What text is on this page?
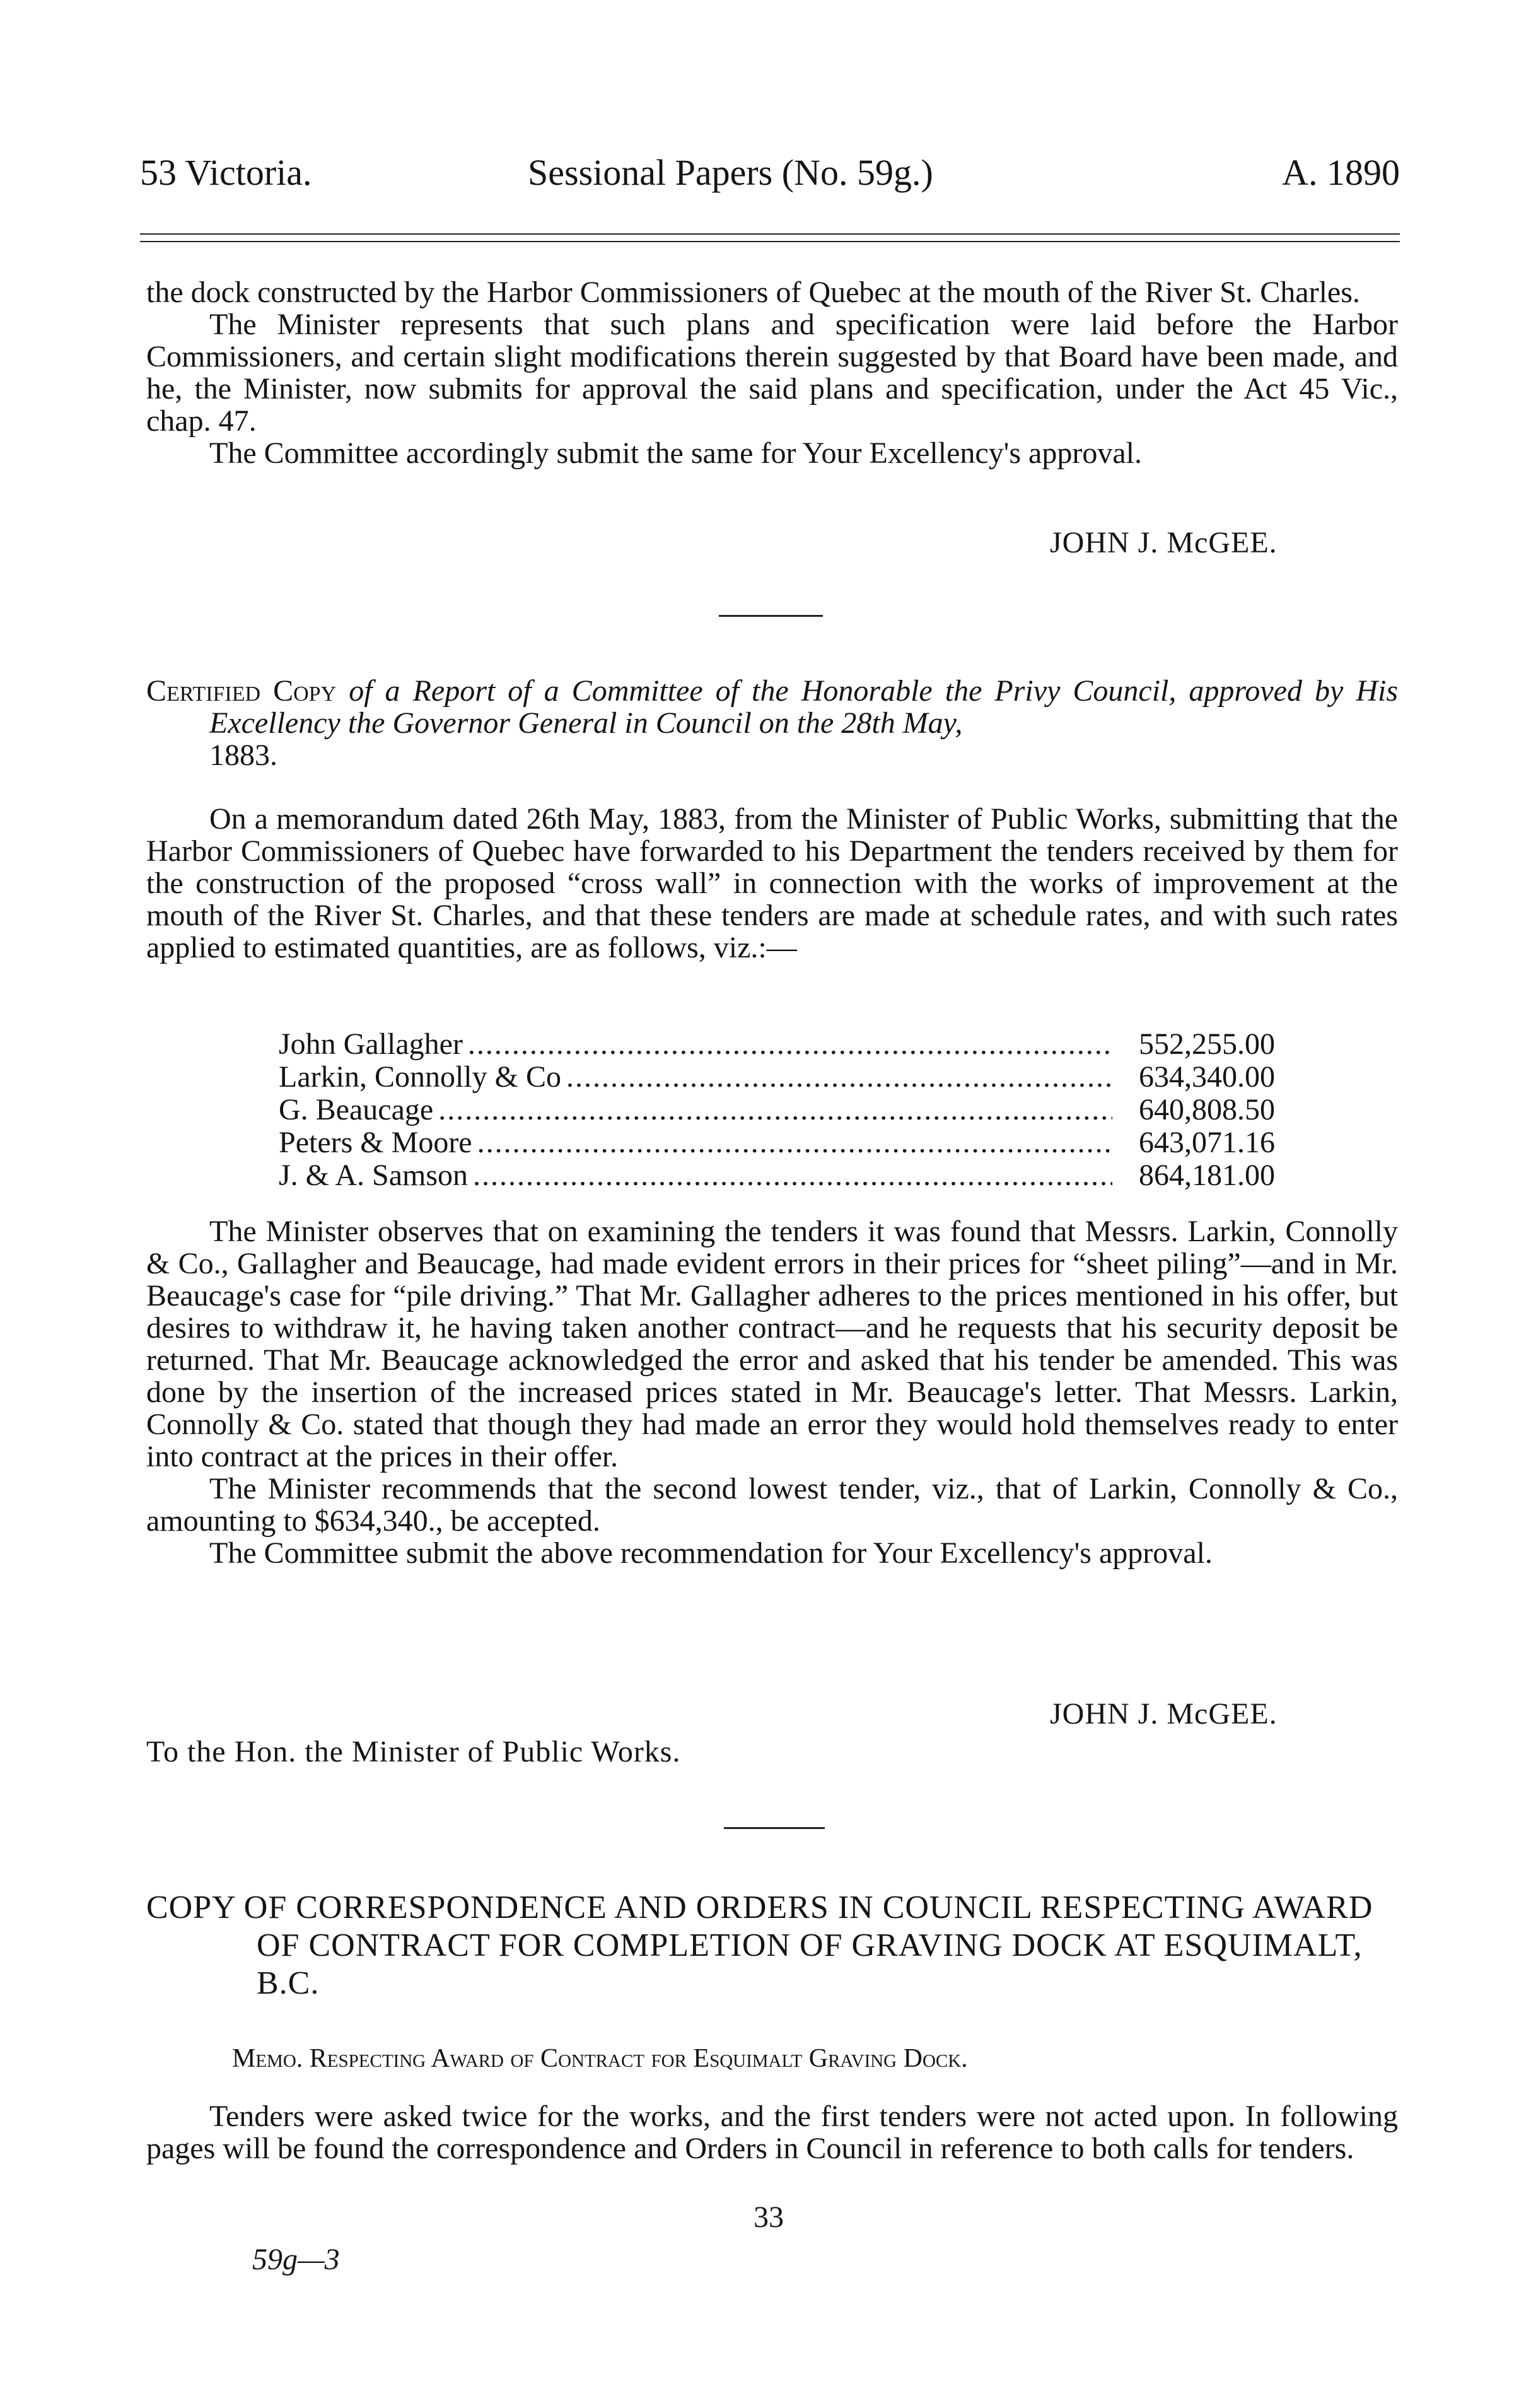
53 Victoria.	Sessional Papers (No. 59g.)	A. 1890

the dock constructed by the Harbor Commissioners of Quebec at the mouth of the River St. Charles.

The Minister represents that such plans and specification were laid before the Harbor Commissioners, and certain slight modifications therein suggested by that Board have been made, and he, the Minister, now submits for approval the said plans and specification, under the Act 45 Vic., chap. 47.

The Committee accordingly submit the same for Your Excellency's approval.

JOHN J. McGEE.

Certified Copy of a Report of a Committee of the Honorable the Privy Council, approved by His Excellency the Governor General in Council on the 28th May,
1883.

On a memorandum dated 26th May, 1883, from the Minister of Public Works, submitting that the Harbor Commissioners of Quebec have forwarded to his Department the tenders received by them for the construction of the proposed “cross wall” in connection with the works of improvement at the mouth of the River St. Charles, and that these tenders are made at schedule rates, and with such rates applied to estimated quantities, are as follows, viz.:—

John Gallagher .....	552,255.00
Larkin, Connolly & Co .....	634,340.00
G. Beaucage .....	640,808.50
Peters & Moore .....	643,071.16
J. & A. Samson .....	864,181.00

The Minister observes that on examining the tenders it was found that Messrs. Larkin, Connolly & Co., Gallagher and Beaucage, had made evident errors in their prices for “sheet piling”—and in Mr. Beaucage's case for “pile driving.” That Mr. Gallagher adheres to the prices mentioned in his offer, but desires to withdraw it, he having taken another contract—and he requests that his security deposit be returned. That Mr. Beaucage acknowledged the error and asked that his tender be amended. This was done by the insertion of the increased prices stated in Mr. Beaucage's letter. That Messrs. Larkin, Connolly & Co. stated that though they had made an error they would hold themselves ready to enter into contract at the prices in their offer.

The Minister recommends that the second lowest tender, viz., that of Larkin, Connolly & Co., amounting to $634,340., be accepted.

The Committee submit the above recommendation for Your Excellency's approval.

JOHN J. McGEE.
To the Hon. the Minister of Public Works.

COPY OF CORRESPONDENCE AND ORDERS IN COUNCIL RESPECTING AWARD OF CONTRACT FOR COMPLETION OF GRAVING DOCK AT ESQUIMALT, B.C.

Memo. Respecting Award of Contract for Esquimalt Graving Dock.

Tenders were asked twice for the works, and the first tenders were not acted upon. In following pages will be found the correspondence and Orders in Council in reference to both calls for tenders.

33
59g—3
